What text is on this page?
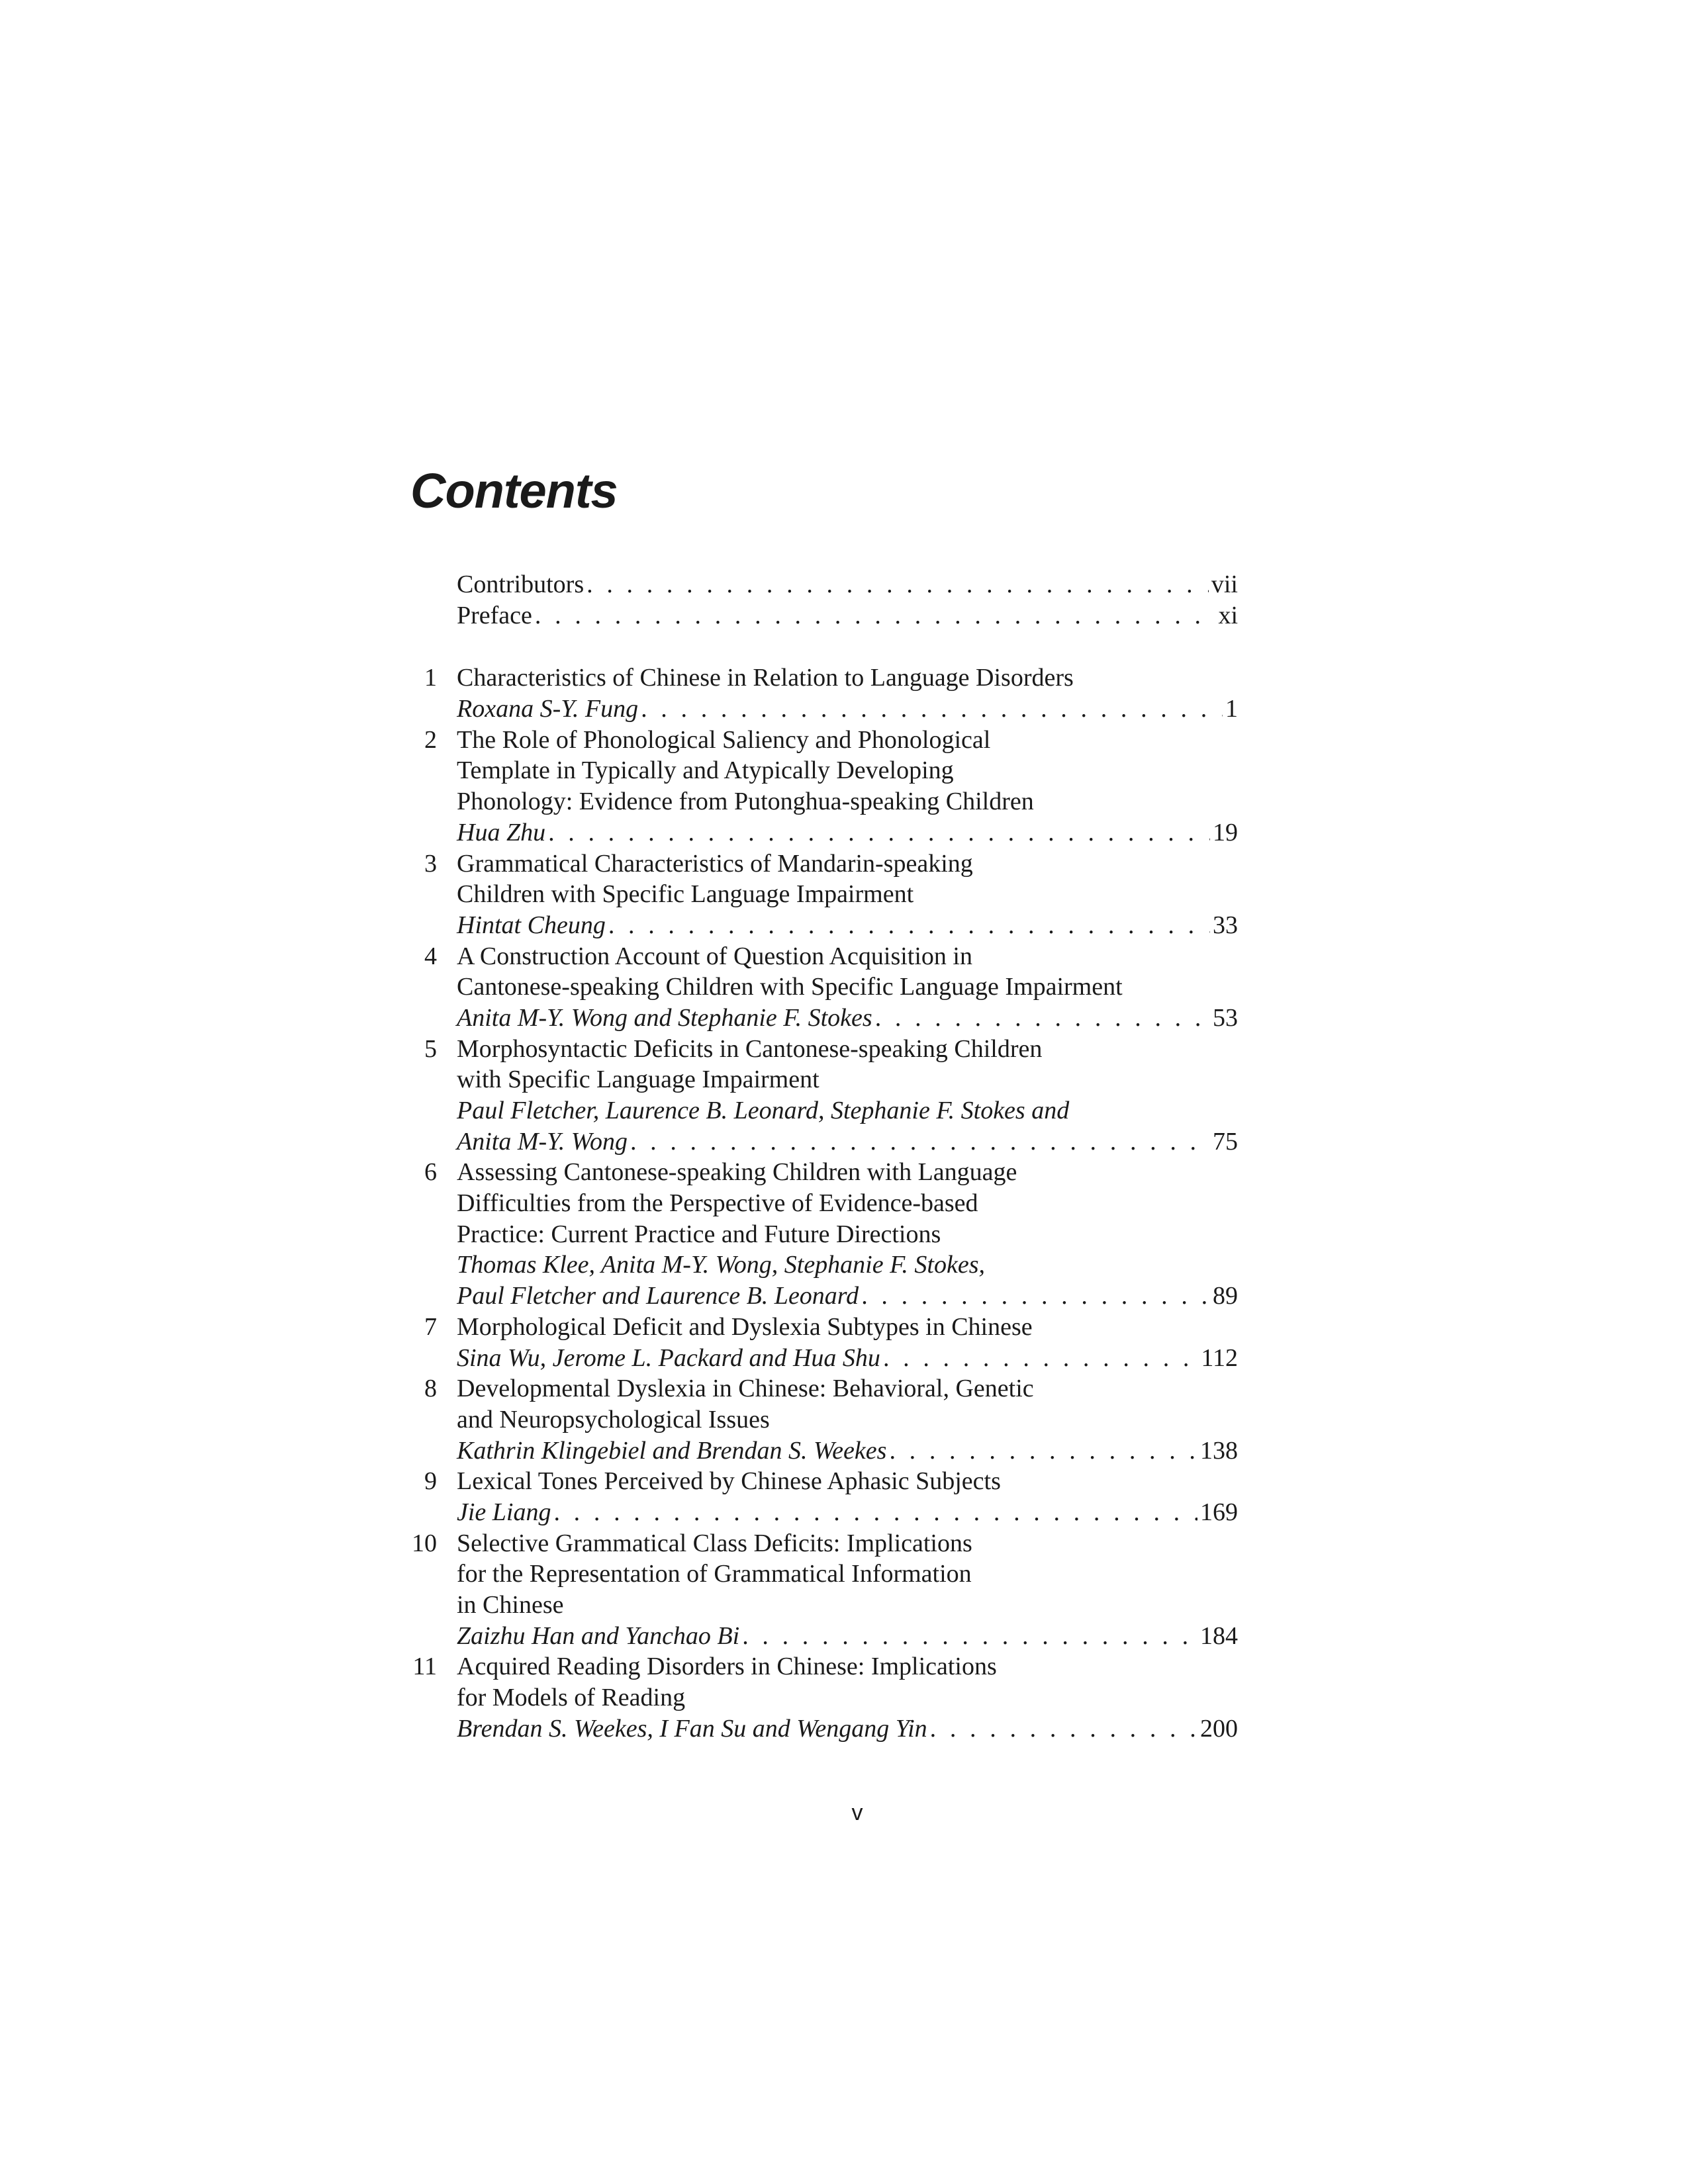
Contents
Contributors . . .	vii
Preface . . .	xi
1 Characteristics of Chinese in Relation to Language Disorders
Roxana S-Y. Fung . . .	1
2 The Role of Phonological Saliency and Phonological
Template in Typically and Atypically Developing
Phonology: Evidence from Putonghua-speaking Children
Hua Zhu . . .	19
3 Grammatical Characteristics of Mandarin-speaking
Children with Specific Language Impairment
Hintat Cheung . . .	33
4 A Construction Account of Question Acquisition in
Cantonese-speaking Children with Specific Language Impairment
Anita M-Y. Wong and Stephanie F. Stokes . . .	53
5 Morphosyntactic Deficits in Cantonese-speaking Children
with Specific Language Impairment
Paul Fletcher, Laurence B. Leonard, Stephanie F. Stokes and
Anita M-Y. Wong . . .	75
6 Assessing Cantonese-speaking Children with Language
Difficulties from the Perspective of Evidence-based
Practice: Current Practice and Future Directions
Thomas Klee, Anita M-Y. Wong, Stephanie F. Stokes,
Paul Fletcher and Laurence B. Leonard . . .	89
7 Morphological Deficit and Dyslexia Subtypes in Chinese
Sina Wu, Jerome L. Packard and Hua Shu . . .	112
8 Developmental Dyslexia in Chinese: Behavioral, Genetic
and Neuropsychological Issues
Kathrin Klingebiel and Brendan S. Weekes . . .	138
9 Lexical Tones Perceived by Chinese Aphasic Subjects
Jie Liang . . .	169
10 Selective Grammatical Class Deficits: Implications
for the Representation of Grammatical Information
in Chinese
Zaizhu Han and Yanchao Bi . . .	184
11 Acquired Reading Disorders in Chinese: Implications
for Models of Reading
Brendan S. Weekes, I Fan Su and Wengang Yin . . .	200
v
